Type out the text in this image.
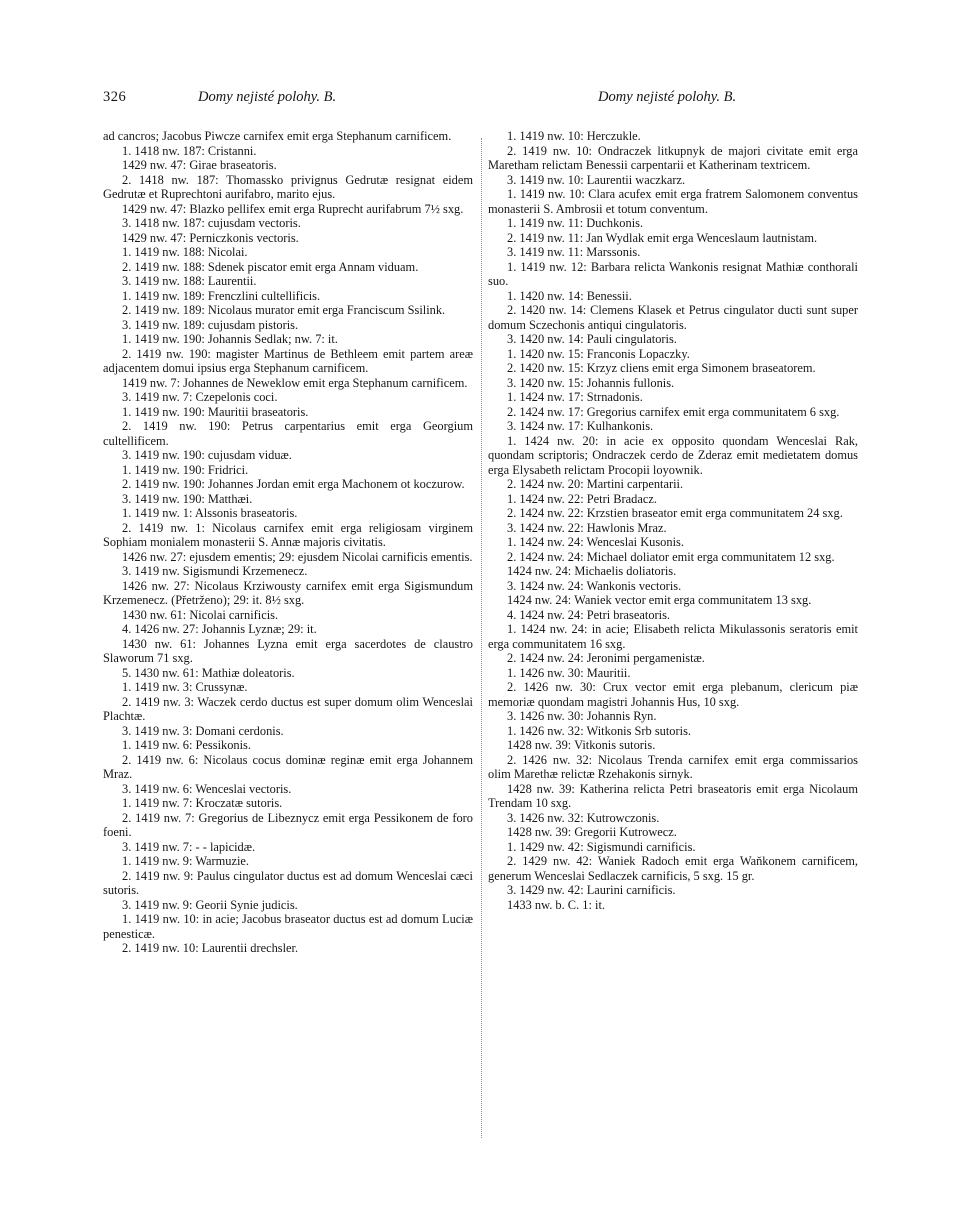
326	Domy nejisté polohy. B.	Domy nejisté polohy. B.

ad cancros; Jacobus Piwcze carnifex emit erga Stephanum carnificem.

1. 1418 nw. 187: Cristanni.

1429 nw. 47: Girae braseatoris.

2. 1418 nw. 187: Thomassko privignus Gedrutæ resignat eidem Gedrutæ et Ruprechtoni aurifabro, marito ejus.

1429 nw. 47: Blazko pellifex emit erga Ruprecht aurifabrum 7½ sxg.

3. 1418 nw. 187: cujusdam vectoris.

1429 nw. 47: Perniczkonis vectoris.

1. 1419 nw. 188: Nicolai.

2. 1419 nw. 188: Sdenek piscator emit erga Annam viduam.

3. 1419 nw. 188: Laurentii.

1. 1419 nw. 189: Frenczlini cultellificis.

2. 1419 nw. 189: Nicolaus murator emit erga Franciscum Ssilink.

3. 1419 nw. 189: cujusdam pistoris.

1. 1419 nw. 190: Johannis Sedlak; nw. 7: it.

2. 1419 nw. 190: magister Martinus de Bethleem emit partem areæ adjacentem domui ipsius erga Stephanum carnificem.

1419 nw. 7: Johannes de Neweklow emit erga Stephanum carnificem.

3. 1419 nw. 7: Czepelonis coci.

1. 1419 nw. 190: Mauritii braseatoris.

2. 1419 nw. 190: Petrus carpentarius emit erga Georgium cultellificem.

3. 1419 nw. 190: cujusdam viduæ.

1. 1419 nw. 190: Fridrici.

2. 1419 nw. 190: Johannes Jordan emit erga Machonem ot koczurow.

3. 1419 nw. 190: Matthæi.

1. 1419 nw. 1: Alssonis braseatoris.

2. 1419 nw. 1: Nicolaus carnifex emit erga religiosam virginem Sophiam monialem monasterii S. Annæ majoris civitatis.

1426 nw. 27: ejusdem ementis; 29: ejusdem Nicolai carnificis ementis.

3. 1419 nw. Sigismundi Krzemenecz.

1426 nw. 27: Nicolaus Krziwousty carnifex emit erga Sigismundum Krzemenecz. (Přetrženo); 29: it. 8½ sxg.

1430 nw. 61: Nicolai carnificis.

4. 1426 nw. 27: Johannis Lyznæ; 29: it.

1430 nw. 61: Johannes Lyzna emit erga sacerdotes de claustro Slaworum 71 sxg.

5. 1430 nw. 61: Mathiæ doleatoris.

1. 1419 nw. 3: Crussynæ.

2. 1419 nw. 3: Waczek cerdo ductus est super domum olim Wenceslai Plachtæ.

3. 1419 nw. 3: Domani cerdonis.

1. 1419 nw. 6: Pessikonis.

2. 1419 nw. 6: Nicolaus cocus dominæ reginæ emit erga Johannem Mraz.

3. 1419 nw. 6: Wenceslai vectoris.

1. 1419 nw. 7: Kroczatæ sutoris.

2. 1419 nw. 7: Gregorius de Libeznycz emit erga Pessikonem de foro foeni.

3. 1419 nw. 7: - - lapicidæ.

1. 1419 nw. 9: Warmuzie.

2. 1419 nw. 9: Paulus cingulator ductus est ad domum Wenceslai cæci sutoris.

3. 1419 nw. 9: Georii Synie judicis.

1. 1419 nw. 10: in acie; Jacobus braseator ductus est ad domum Luciæ penesticæ.

2. 1419 nw. 10: Laurentii drechsler.

1. 1419 nw. 10: Herczukle.

2. 1419 nw. 10: Ondraczek litkupnyk de majori civitate emit erga Maretham relictam Benessii carpentarii et Katherinam textricem.

3. 1419 nw. 10: Laurentii waczkarz.

1. 1419 nw. 10: Clara acufex emit erga fratrem Salomonem conventus monasterii S. Ambrosii et totum conventum.

1. 1419 nw. 11: Duchkonis.

2. 1419 nw. 11: Jan Wydlak emit erga Wenceslaum lautnistam.

3. 1419 nw. 11: Marssonis.

1. 1419 nw. 12: Barbara relicta Wankonis resignat Mathiæ conthorali suo.

1. 1420 nw. 14: Benessii.

2. 1420 nw. 14: Clemens Klasek et Petrus cingulator ducti sunt super domum Sczechonis antiqui cingulatoris.

3. 1420 nw. 14: Pauli cingulatoris.

1. 1420 nw. 15: Franconis Lopaczky.

2. 1420 nw. 15: Krzyz cliens emit erga Simonem braseatorem.

3. 1420 nw. 15: Johannis fullonis.

1. 1424 nw. 17: Strnadonis.

2. 1424 nw. 17: Gregorius carnifex emit erga communitatem 6 sxg.

3. 1424 nw. 17: Kulhankonis.

1. 1424 nw. 20: in acie ex opposito quondam Wenceslai Rak, quondam scriptoris; Ondraczek cerdo de Zderaz emit medietatem domus erga Elysabeth relictam Procopii loyownik.

2. 1424 nw. 20: Martini carpentarii.

1. 1424 nw. 22: Petri Bradacz.

2. 1424 nw. 22: Krzstien braseator emit erga communitatem 24 sxg.

3. 1424 nw. 22: Hawlonis Mraz.

1. 1424 nw. 24: Wenceslai Kusonis.

2. 1424 nw. 24: Michael doliator emit erga communitatem 12 sxg.

1424 nw. 24: Michaelis doliatoris.

3. 1424 nw. 24: Wankonis vectoris.

1424 nw. 24: Waniek vector emit erga communitatem 13 sxg.

4. 1424 nw. 24: Petri braseatoris.

1. 1424 nw. 24: in acie; Elisabeth relicta Mikulassonis seratoris emit erga communitatem 16 sxg.

2. 1424 nw. 24: Jeronimi pergamenistæ.

1. 1426 nw. 30: Mauritii.

2. 1426 nw. 30: Crux vector emit erga plebanum, clericum piæ memoriæ quondam magistri Johannis Hus, 10 sxg.

3. 1426 nw. 30: Johannis Ryn.

1. 1426 nw. 32: Witkonis Srb sutoris.

1428 nw. 39: Vitkonis sutoris.

2. 1426 nw. 32: Nicolaus Trenda carnifex emit erga commissarios olim Marethæ relictæ Rzehakonis sirnyk.

1428 nw. 39: Katherina relicta Petri braseatoris emit erga Nicolaum Trendam 10 sxg.

3. 1426 nw. 32: Kutrowczonis.

1428 nw. 39: Gregorii Kutrowecz.

1. 1429 nw. 42: Sigismundi carnificis.

2. 1429 nw. 42: Waniek Radoch emit erga Waňkonem carnificem, generum Wenceslai Sedlaczek carnificis, 5 sxg. 15 gr.

3. 1429 nw. 42: Laurini carnificis.

1433 nw. b. C. 1: it.
